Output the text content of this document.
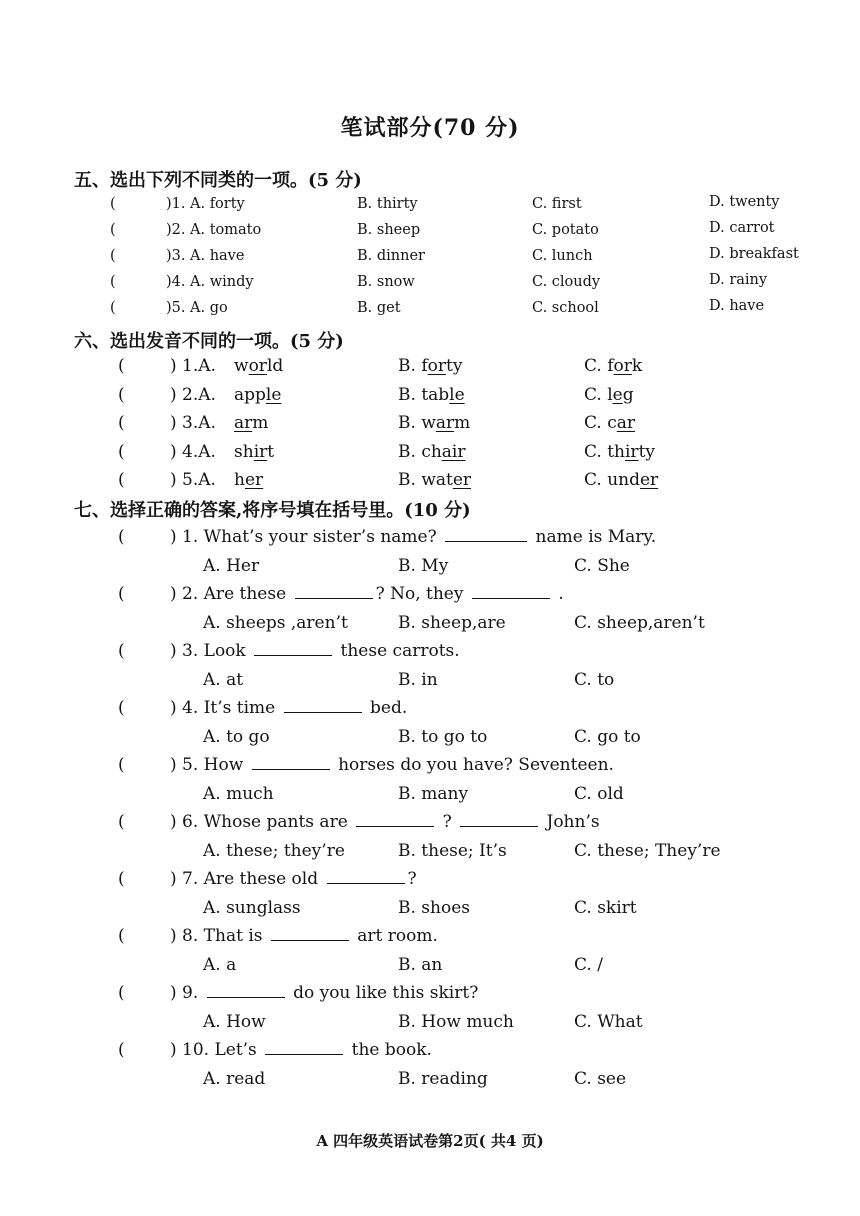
笔试部分(70 分)
五、选出下列不同类的一项。(5 分)
六、选出发音不同的一项。(5 分)
七、选择正确的答案,将序号填在括号里。(10 分)
(	)1. A. forty	B. thirty	C. first	D. twenty
(	)2. A. tomato	B. sheep	C. potato	D. carrot
(	)3. A. have	B. dinner	C. lunch	D. breakfast
(	)4. A. windy	B. snow	C. cloudy	D. rainy
(	)5. A. go	B. get	C. school	D. have
(	) 1.A. world	B. forty	C. fork
(	) 2.A. apple	B. table	C. leg
(	) 3.A. arm	B. warm	C. car
(	) 4.A. shirt	B. chair	C. thirty
(	) 5.A. her	B. water	C. under
(	) 1. What’s your sister’s name?	name is Mary.
A. Her	B. My	C. She
(	) 2. Are these	? No, they	.
A. sheeps ,aren’t	B. sheep,are	C. sheep,aren’t
(	) 3. Look	these carrots.
A. at	B. in	C. to
(	) 4. It’s time	bed.
A. to go	B. to go to	C. go to
(	) 5. How	horses do you have? Seventeen.
A. much	B. many	C. old
(	) 6. Whose pants are	?	John’s
A. these; they’re	B. these; It’s	C. these; They’re
(	) 7. Are these old	?
A. sunglass	B. shoes	C. skirt
(	) 8. That is	art room.
A. a	B. an	C. /
(	) 9.	do you like this skirt?
A. How	B. How much	C. What
(	) 10. Let’s	the book.
A. read	B. reading	C. see
A 四年级英语试卷第2页( 共4 页)
